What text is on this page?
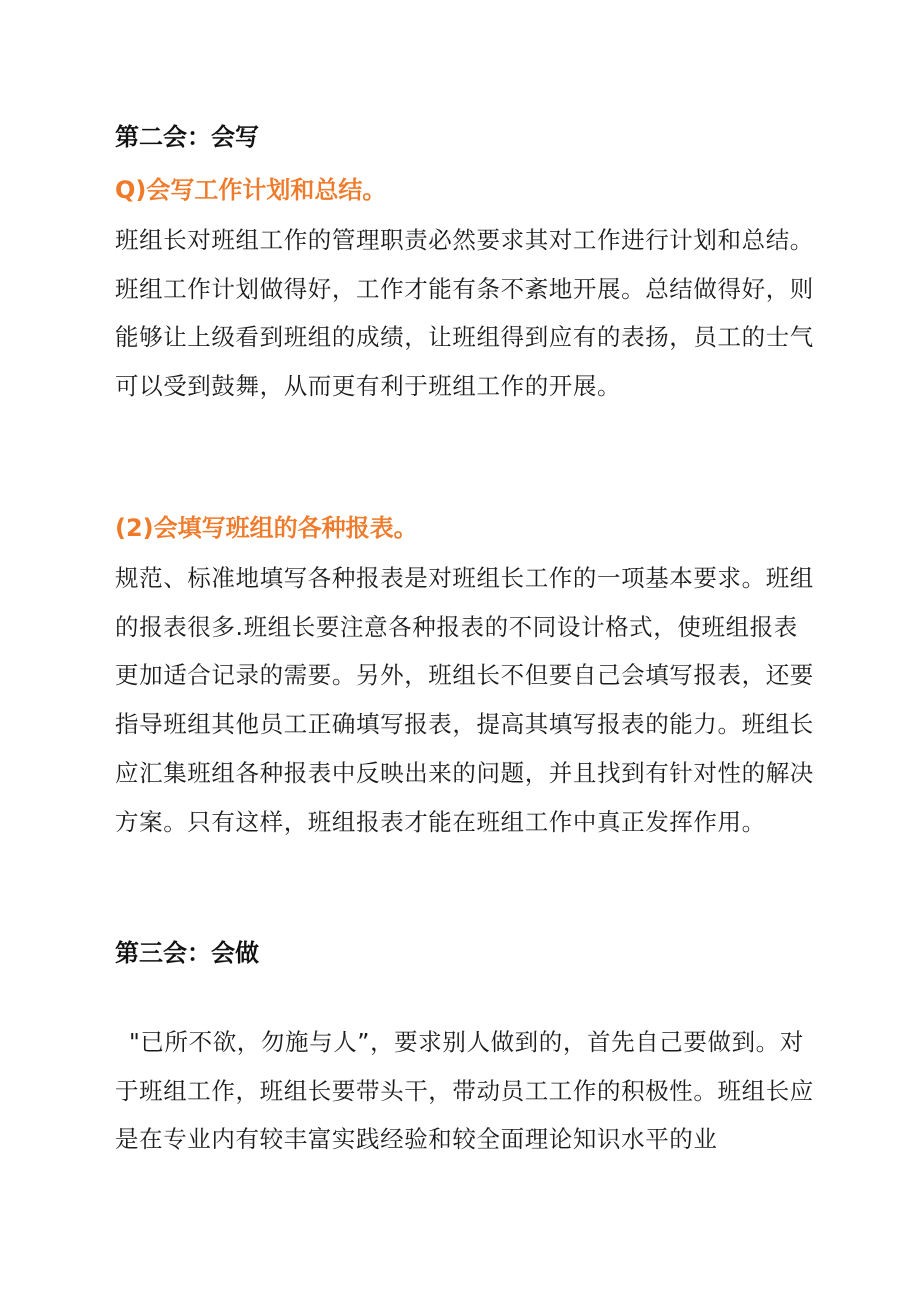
第二会：会写
Q)会写工作计划和总结。
班组长对班组工作的管理职责必然要求其对工作进行计划和总结。班组工作计划做得好，工作才能有条不紊地开展。总结做得好，则能够让上级看到班组的成绩，让班组得到应有的表扬，员工的士气可以受到鼓舞，从而更有利于班组工作的开展。
(2)会填写班组的各种报表。
规范、标准地填写各种报表是对班组长工作的一项基本要求。班组的报表很多.班组长要注意各种报表的不同设计格式，使班组报表更加适合记录的需要。另外，班组长不但要自己会填写报表，还要指导班组其他员工正确填写报表，提高其填写报表的能力。班组长应汇集班组各种报表中反映出来的问题，并且找到有针对性的解决方案。只有这样，班组报表才能在班组工作中真正发挥作用。
第三会：会做
"已所不欲，勿施与人”，要求别人做到的，首先自己要做到。对于班组工作，班组长要带头干，带动员工工作的积极性。班组长应是在专业内有较丰富实践经验和较全面理论知识水平的业
